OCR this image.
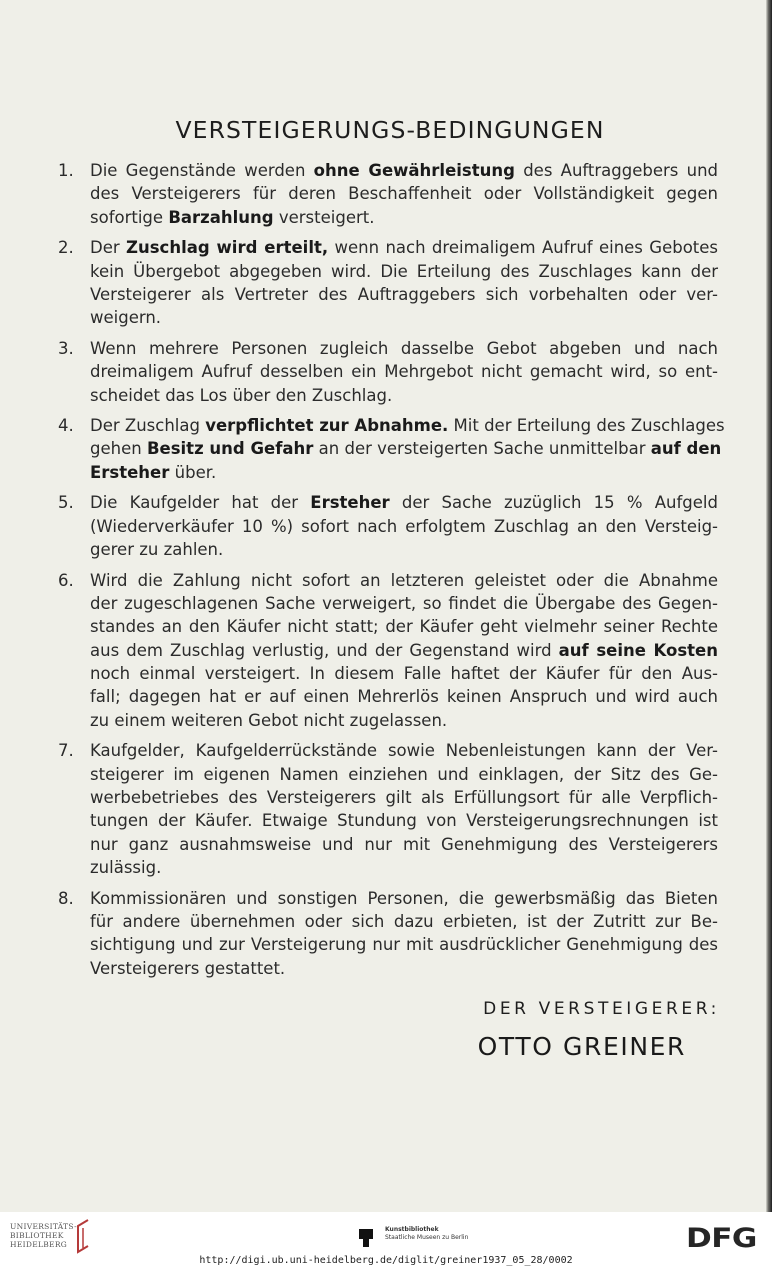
VERSTEIGERUNGS-BEDINGUNGEN
1. Die Gegenstände werden ohne Gewährleistung des Auftraggebers und
des Versteigerers für deren Beschaffenheit oder Vollständigkeit gegen
sofortige Barzahlung versteigert.
2. Der Zuschlag wird erteilt, wenn nach dreimaligem Aufruf eines Gebotes
kein Übergebot abgegeben wird. Die Erteilung des Zuschlages kann der
Versteigerer als Vertreter des Auftraggebers sich vorbehalten oder ver-
weigern.
3. Wenn mehrere Personen zugleich dasselbe Gebot abgeben und nach
dreimaligem Aufruf desselben ein Mehrgebot nicht gemacht wird, so ent-
scheidet das Los über den Zuschlag.
4. Der Zuschlag verpflichtet zur Abnahme. Mit der Erteilung des Zuschlages
gehen Besitz und Gefahr an der versteigerten Sache unmittelbar auf den
Ersteher über.
5. Die Kaufgelder hat der Ersteher der Sache zuzüglich 15 % Aufgeld
(Wiederverkäufer 10 %) sofort nach erfolgtem Zuschlag an den Versteig-
gerer zu zahlen.
6. Wird die Zahlung nicht sofort an letzteren geleistet oder die Abnahme
der zugeschlagenen Sache verweigert, so findet die Übergabe des Gegen-
standes an den Käufer nicht statt; der Käufer geht vielmehr seiner Rechte
aus dem Zuschlag verlustig, und der Gegenstand wird auf seine Kosten
noch einmal versteigert. In diesem Falle haftet der Käufer für den Aus-
fall; dagegen hat er auf einen Mehrerlös keinen Anspruch und wird auch
zu einem weiteren Gebot nicht zugelassen.
7. Kaufgelder, Kaufgelderrückstände sowie Nebenleistungen kann der Ver-
steigerer im eigenen Namen einziehen und einklagen, der Sitz des Ge-
werbebetriebes des Versteigerers gilt als Erfüllungsort für alle Verpflich-
tungen der Käufer. Etwaige Stundung von Versteigerungsrechnungen ist
nur ganz ausnahmsweise und nur mit Genehmigung des Versteigerers
zulässig.
8. Kommissionären und sonstigen Personen, die gewerbsmäßig das Bieten
für andere übernehmen oder sich dazu erbieten, ist der Zutritt zur Be-
sichtigung und zur Versteigerung nur mit ausdrücklicher Genehmigung des
Versteigerers gestattet.

DER VERSTEIGERER:

OTTO GREINER

UNIVERSITÄTS- BIBLIOTHEK HEIDELBERG
Kunstbibliothek
Staatliche Museen zu Berlin	DFG
http://digi.ub.uni-heidelberg.de/diglit/greiner1937_05_28/0002
